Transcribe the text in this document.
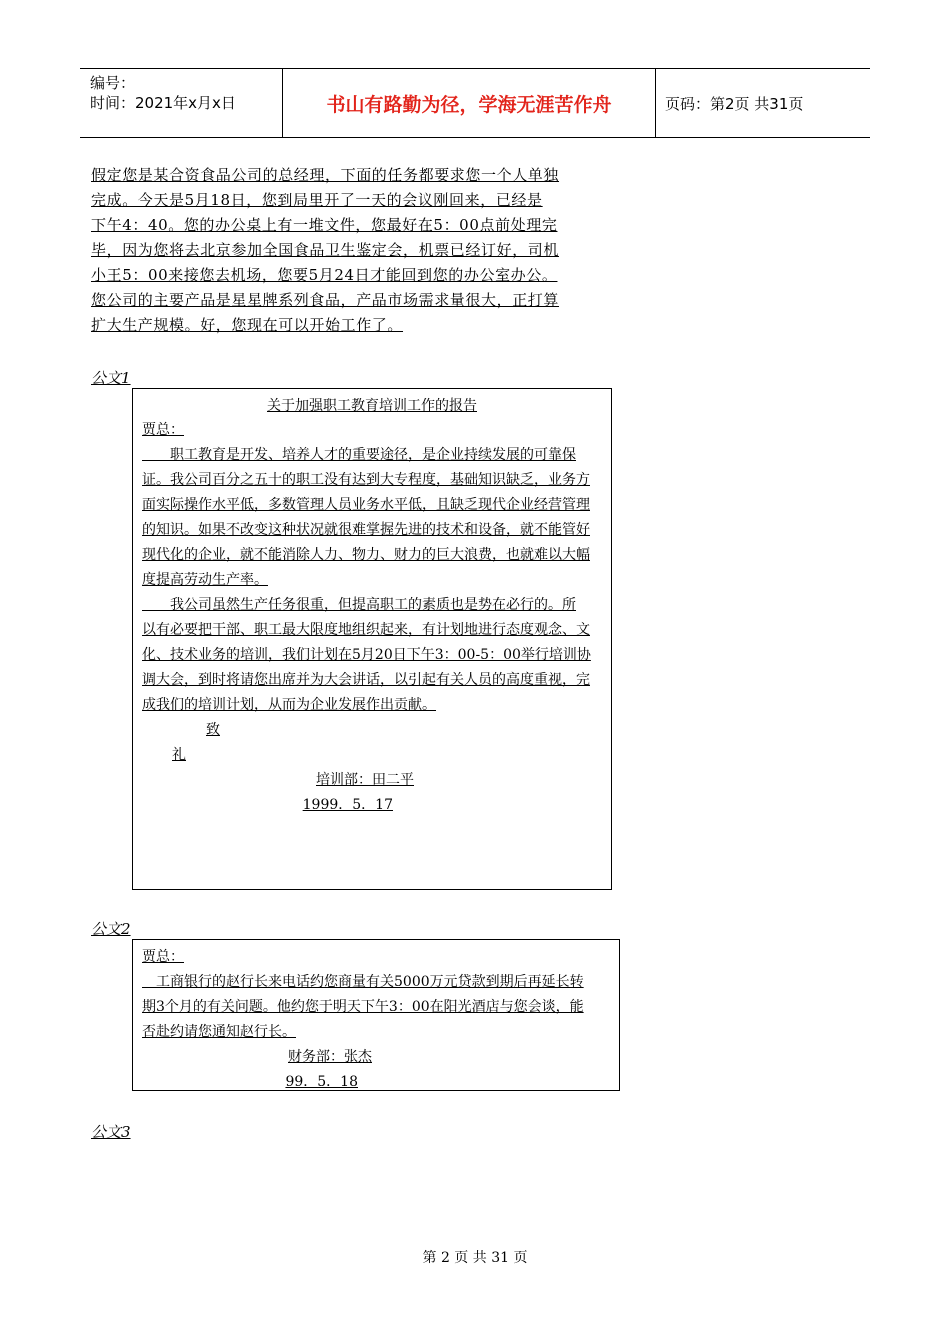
编号：
时间：2021年x月x日	书山有路勤为径，学海无涯苦作舟	页码：第2页 共31页
假定您是某合资食品公司的总经理，下面的任务都要求您一个人单独
完成。今天是5月18日，您到局里开了一天的会议刚回来，已经是
下午4：40。您的办公桌上有一堆文件，您最好在5：00点前处理完
毕，因为您将去北京参加全国食品卫生鉴定会，机票已经订好，司机
小王5：00来接您去机场，您要5月24日才能回到您的办公室办公。
您公司的主要产品是星星牌系列食品，产品市场需求量很大，正打算
扩大生产规模。好，您现在可以开始工作了。
公文1
关于加强职工教育培训工作的报告
贾总：
　　职工教育是开发、培养人才的重要途径，是企业持续发展的可靠保
证。我公司百分之五十的职工没有达到大专程度，基础知识缺乏，业务方
面实际操作水平低，多数管理人员业务水平低，且缺乏现代企业经营管理
的知识。如果不改变这种状况就很难掌握先进的技术和设备，就不能管好
现代化的企业，就不能消除人力、物力、财力的巨大浪费，也就难以大幅
度提高劳动生产率。
　　我公司虽然生产任务很重，但提高职工的素质也是势在必行的。所
以有必要把干部、职工最大限度地组织起来，有计划地进行态度观念、文
化、技术业务的培训，我们计划在5月20日下午3：00-5：00举行培训协
调大会，到时将请您出席并为大会讲话，以引起有关人员的高度重视，完
成我们的培训计划，从而为企业发展作出贡献。
致
礼
培训部：田二平
1999．5．17
公文2
贾总：
　工商银行的赵行长来电话约您商量有关5000万元贷款到期后再延长转
期3个月的有关问题。他约您于明天下午3：00在阳光酒店与您会谈，能
否赴约请您通知赵行长。
财务部：张杰
99．5．18
公文3
第 2 页 共 31 页
